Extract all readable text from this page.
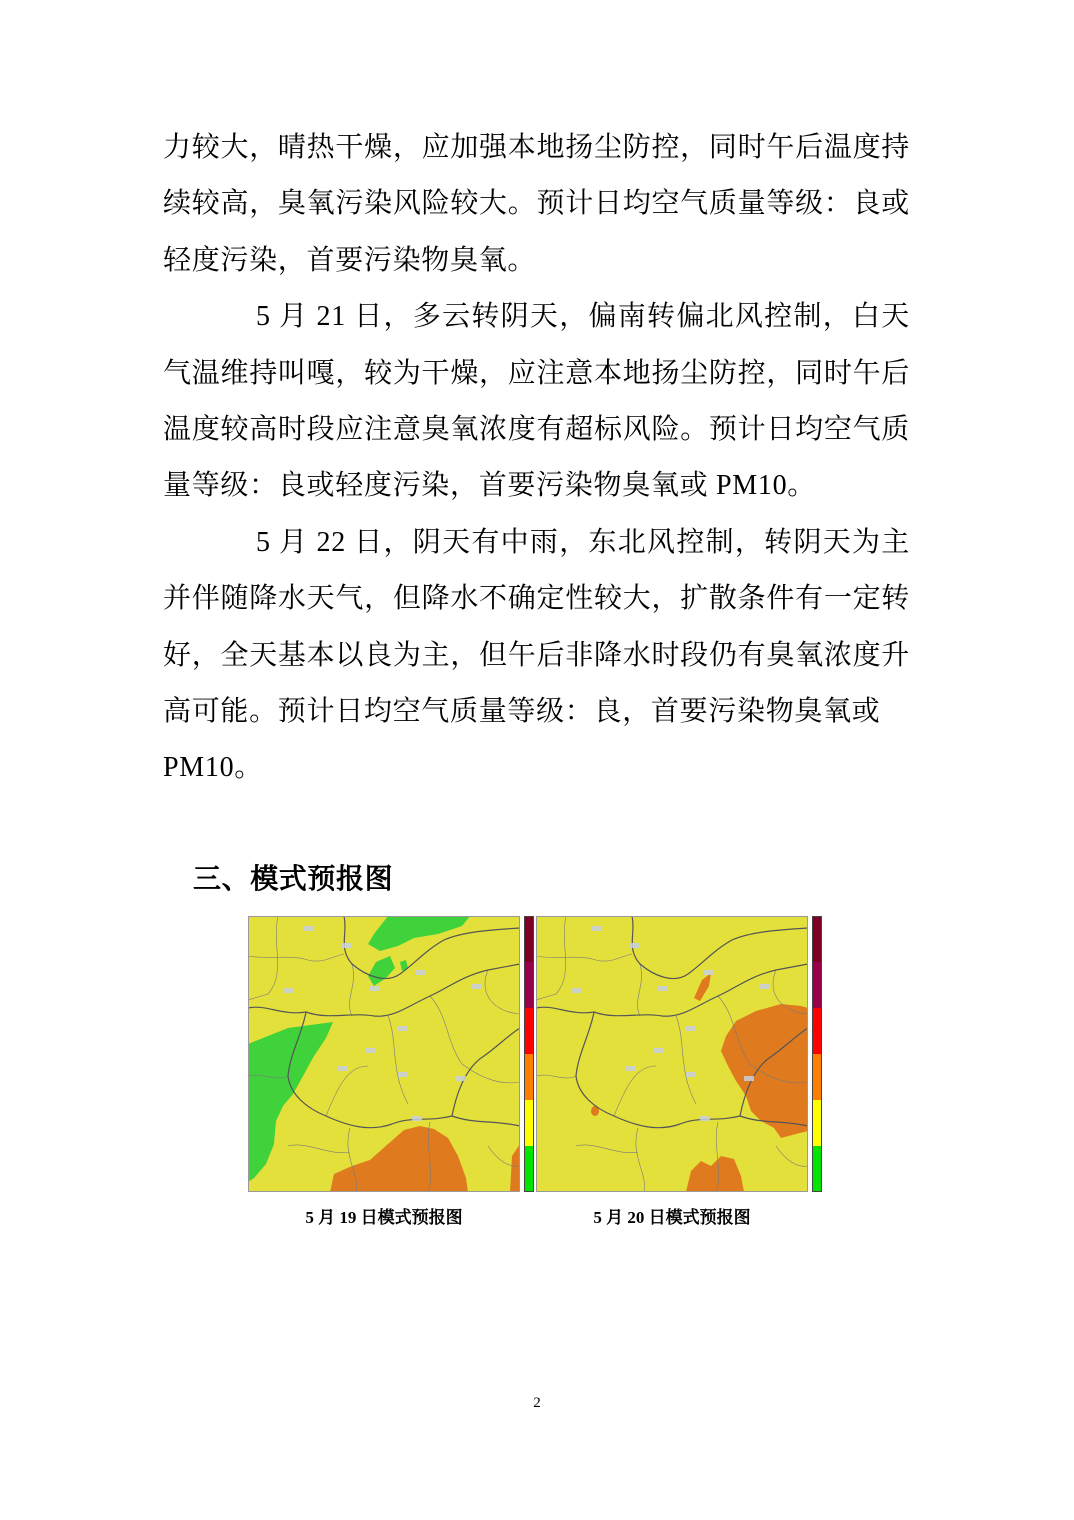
力较大，晴热干燥，应加强本地扬尘防控，同时午后温度持
续较高，臭氧污染风险较大。预计日均空气质量等级：良或
轻度污染，首要污染物臭氧。
5 月 21 日，多云转阴天，偏南转偏北风控制，白天
气温维持叫嘎，较为干燥，应注意本地扬尘防控，同时午后
温度较高时段应注意臭氧浓度有超标风险。预计日均空气质
量等级：良或轻度污染，首要污染物臭氧或 PM10。
5 月 22 日，阴天有中雨，东北风控制，转阴天为主
并伴随降水天气，但降水不确定性较大，扩散条件有一定转
好，全天基本以良为主，但午后非降水时段仍有臭氧浓度升
高可能。预计日均空气质量等级：良，首要污染物臭氧或
PM10。
三、模式预报图
5 月 19 日模式预报图	5 月 20 日模式预报图
2
